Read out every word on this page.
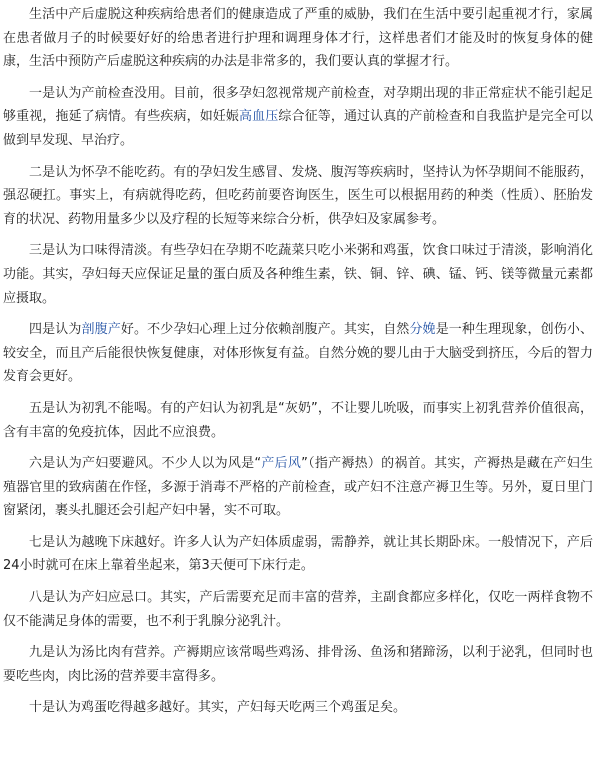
生活中产后虚脱这种疾病给患者们的健康造成了严重的威胁，我们在生活中要引起重视才行，家属在患者做月子的时候要好好的给患者进行护理和调理身体才行，这样患者们才能及时的恢复身体的健康，生活中预防产后虚脱这种疾病的办法是非常多的，我们要认真的掌握才行。

一是认为产前检查没用。目前，很多孕妇忽视常规产前检查，对孕期出现的非正常症状不能引起足够重视，拖延了病情。有些疾病，如妊娠高血压综合征等，通过认真的产前检查和自我监护是完全可以做到早发现、早治疗。

二是认为怀孕不能吃药。有的孕妇发生感冒、发烧、腹泻等疾病时，坚持认为怀孕期间不能服药，强忍硬扛。事实上，有病就得吃药，但吃药前要咨询医生，医生可以根据用药的种类（性质）、胚胎发育的状况、药物用量多少以及疗程的长短等来综合分析，供孕妇及家属参考。

三是认为口味得清淡。有些孕妇在孕期不吃蔬菜只吃小米粥和鸡蛋，饮食口味过于清淡，影响消化功能。其实，孕妇每天应保证足量的蛋白质及各种维生素，铁、铜、锌、碘、锰、钙、镁等微量元素都应摄取。

四是认为剖腹产好。不少孕妇心理上过分依赖剖腹产。其实，自然分娩是一种生理现象，创伤小、较安全，而且产后能很快恢复健康，对体形恢复有益。自然分娩的婴儿由于大脑受到挤压，今后的智力发育会更好。

五是认为初乳不能喝。有的产妇认为初乳是“灰奶”，不让婴儿吮吸，而事实上初乳营养价值很高，含有丰富的免疫抗体，因此不应浪费。

六是认为产妇要避风。不少人以为风是“产后风”（指产褥热）的祸首。其实，产褥热是藏在产妇生殖器官里的致病菌在作怪，多源于消毒不严格的产前检查，或产妇不注意产褥卫生等。另外，夏日里门窗紧闭，裹头扎腿还会引起产妇中暑，实不可取。

七是认为越晚下床越好。许多人认为产妇体质虚弱，需静养，就让其长期卧床。一般情况下，产后24小时就可在床上靠着坐起来，第3天便可下床行走。

八是认为产妇应忌口。其实，产后需要充足而丰富的营养，主副食都应多样化，仅吃一两样食物不仅不能满足身体的需要，也不利于乳腺分泌乳汁。

九是认为汤比肉有营养。产褥期应该常喝些鸡汤、排骨汤、鱼汤和猪蹄汤，以利于泌乳，但同时也要吃些肉，肉比汤的营养要丰富得多。

十是认为鸡蛋吃得越多越好。其实，产妇每天吃两三个鸡蛋足矣。
